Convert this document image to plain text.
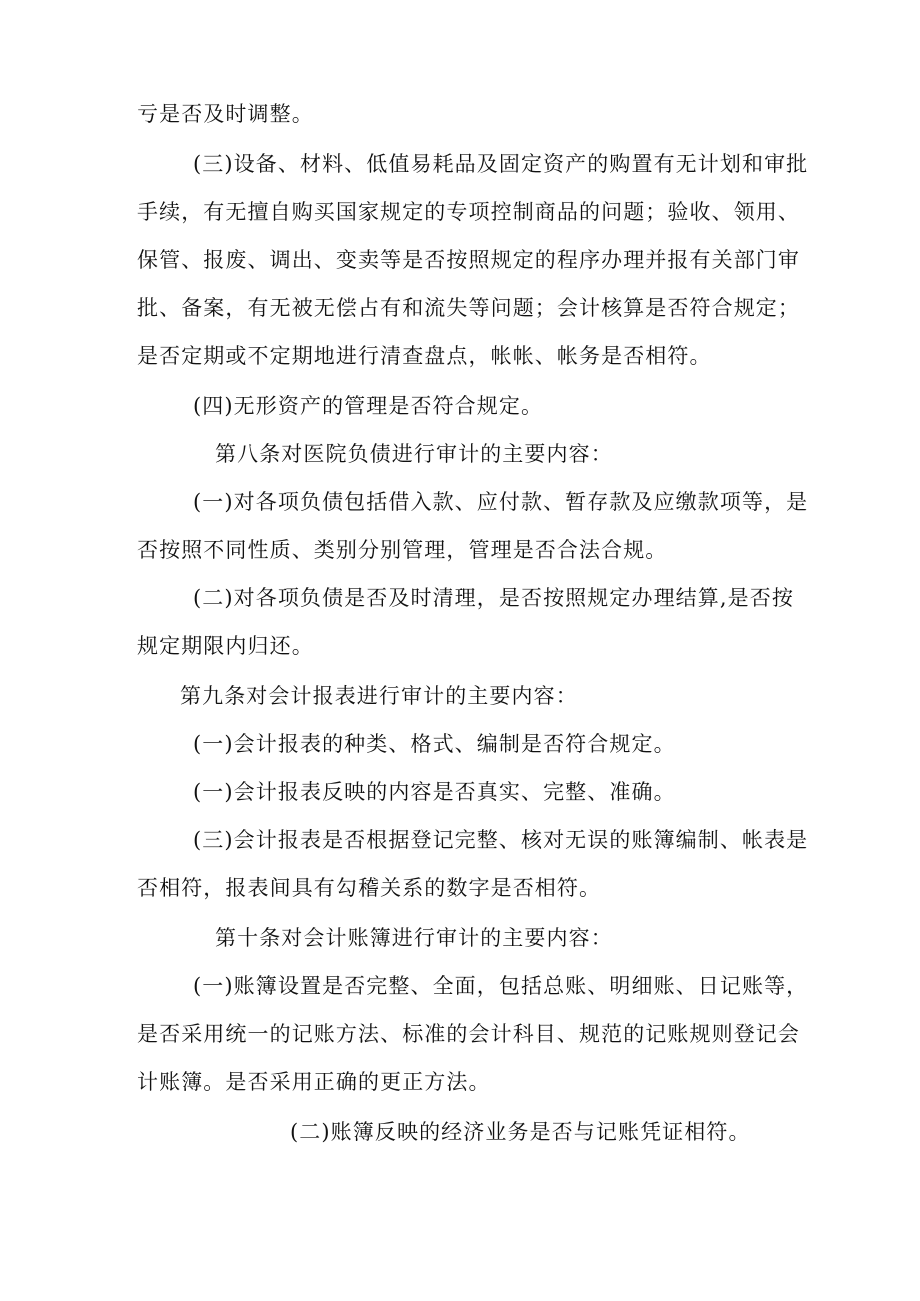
亏是否及时调整。
(三)设备、材料、低值易耗品及固定资产的购置有无计划和审批
手续，有无擅自购买国家规定的专项控制商品的问题；验收、领用、
保管、报废、调出、变卖等是否按照规定的程序办理并报有关部门审
批、备案，有无被无偿占有和流失等问题；会计核算是否符合规定；
是否定期或不定期地进行清查盘点，帐帐、帐务是否相符。
(四)无形资产的管理是否符合规定。
第八条对医院负债进行审计的主要内容：
(一)对各项负债包括借入款、应付款、暂存款及应缴款项等，是
否按照不同性质、类别分别管理，管理是否合法合规。
(二)对各项负债是否及时清理，是否按照规定办理结算,是否按
规定期限内归还。
第九条对会计报表进行审计的主要内容：
(一)会计报表的种类、格式、编制是否符合规定。
(一)会计报表反映的内容是否真实、完整、准确。
(三)会计报表是否根据登记完整、核对无误的账簿编制、帐表是
否相符，报表间具有勾稽关系的数字是否相符。
第十条对会计账簿进行审计的主要内容：
(一)账簿设置是否完整、全面，包括总账、明细账、日记账等，
是否采用统一的记账方法、标准的会计科目、规范的记账规则登记会
计账簿。是否采用正确的更正方法。
(二)账簿反映的经济业务是否与记账凭证相符。
